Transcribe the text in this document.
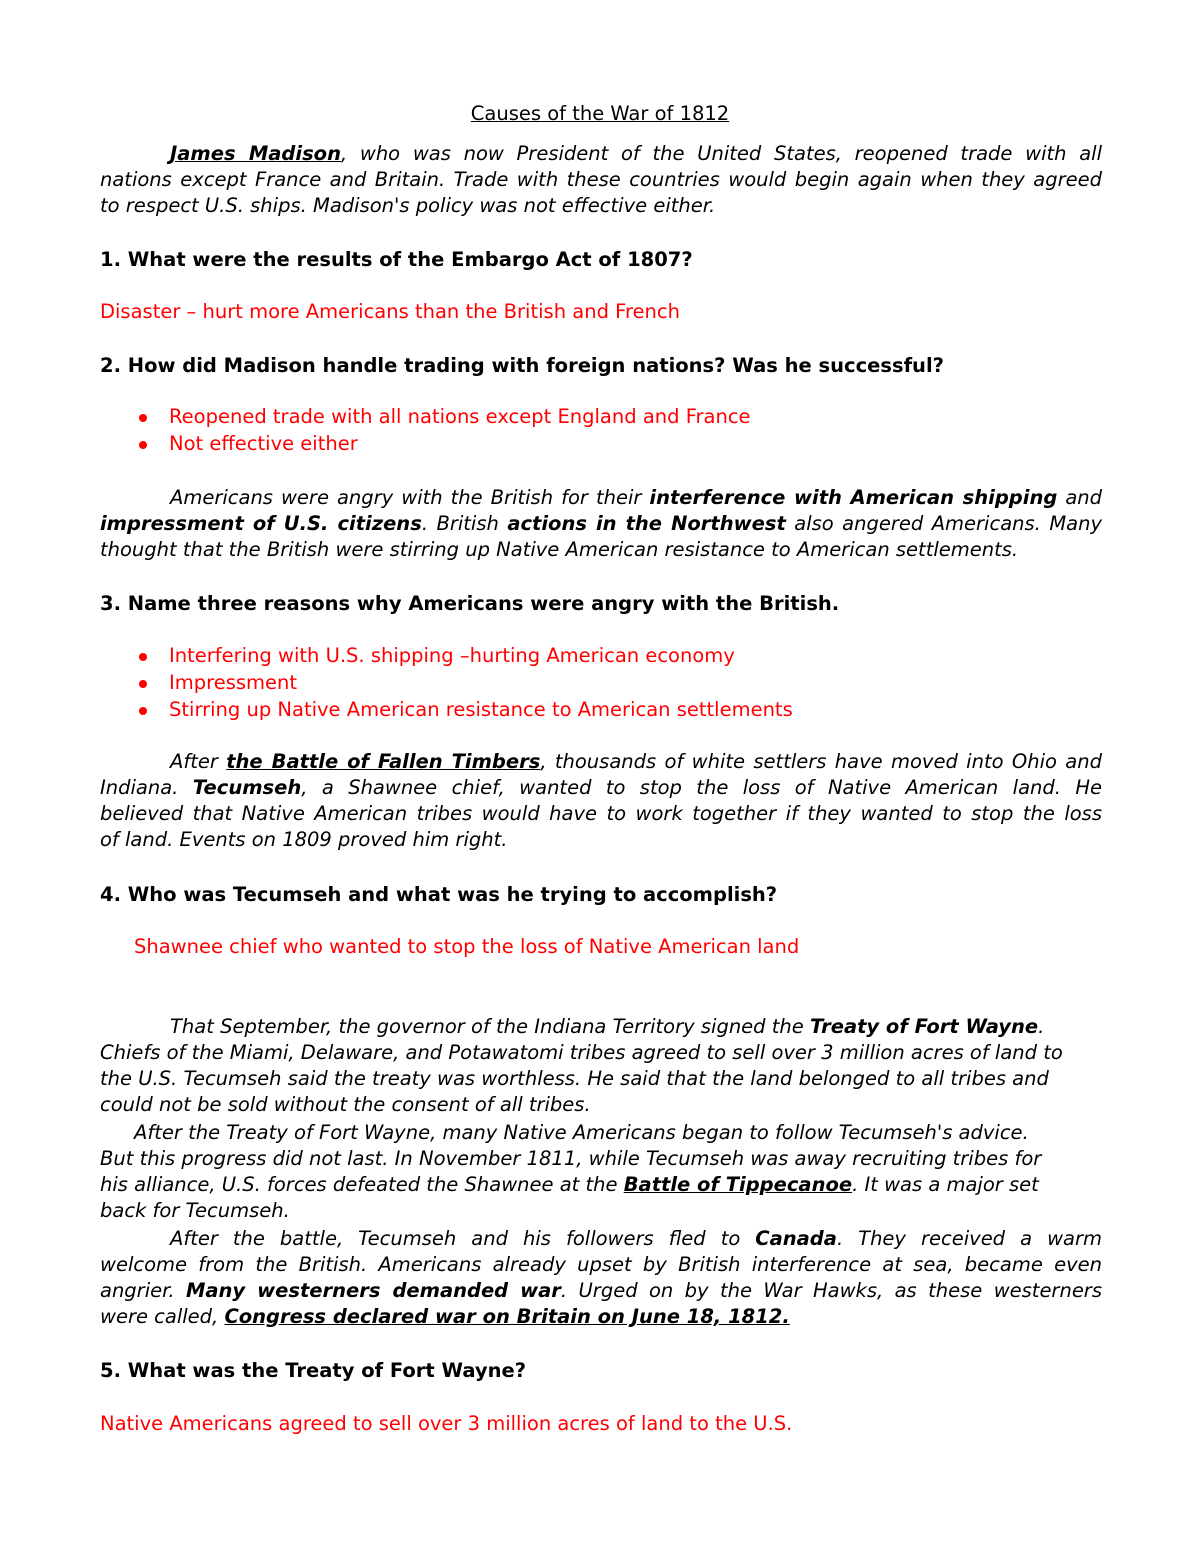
Causes of the War of 1812
James Madison, who was now President of the United States, reopened trade with all
nations except France and Britain. Trade with these countries would begin again when they agreed
to respect U.S. ships. Madison's policy was not effective either.
1. What were the results of the Embargo Act of 1807?
Disaster – hurt more Americans than the British and French
2. How did Madison handle trading with foreign nations? Was he successful?
Reopened trade with all nations except England and France
Not effective either
Americans were angry with the British for their interference with American shipping and
impressment of U.S. citizens. British actions in the Northwest also angered Americans. Many
thought that the British were stirring up Native American resistance to American settlements.
3. Name three reasons why Americans were angry with the British.
Interfering with U.S. shipping –hurting American economy
Impressment
Stirring up Native American resistance to American settlements
After the Battle of Fallen Timbers, thousands of white settlers have moved into Ohio and
Indiana. Tecumseh, a Shawnee chief, wanted to stop the loss of Native American land. He
believed that Native American tribes would have to work together if they wanted to stop the loss
of land. Events on 1809 proved him right.
4. Who was Tecumseh and what was he trying to accomplish?
Shawnee chief who wanted to stop the loss of Native American land
That September, the governor of the Indiana Territory signed the Treaty of Fort Wayne.
Chiefs of the Miami, Delaware, and Potawatomi tribes agreed to sell over 3 million acres of land to
the U.S. Tecumseh said the treaty was worthless. He said that the land belonged to all tribes and
could not be sold without the consent of all tribes.
After the Treaty of Fort Wayne, many Native Americans began to follow Tecumseh's advice.
But this progress did not last. In November 1811, while Tecumseh was away recruiting tribes for
his alliance, U.S. forces defeated the Shawnee at the Battle of Tippecanoe. It was a major set
back for Tecumseh.
After the battle, Tecumseh and his followers fled to Canada. They received a warm
welcome from the British. Americans already upset by British interference at sea, became even
angrier. Many westerners demanded war. Urged on by the War Hawks, as these westerners
were called, Congress declared war on Britain on June 18, 1812.
5. What was the Treaty of Fort Wayne?
Native Americans agreed to sell over 3 million acres of land to the U.S.
